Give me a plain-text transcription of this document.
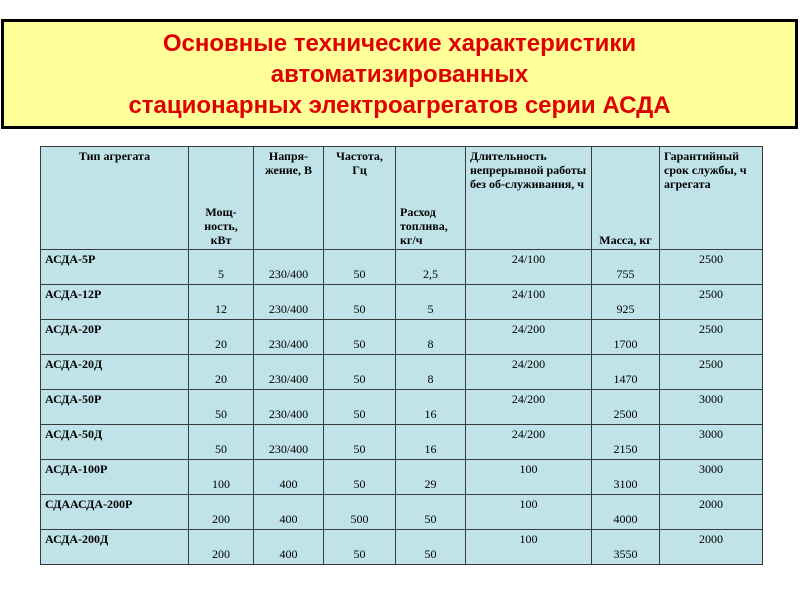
Основные технические характеристики
автоматизированных
стационарных электроагрегатов серии АСДА
Тип агрегата	Мощ-ность, кВт	Напря-жение, В	Частота, Гц	Расход топлива, кг/ч	Длительность непрерывной работы без об-служивания, ч	Масса, кг	Гарантийный срок службы, ч агрегата
АСДА-5Р	5	230/400	50	2,5	24/100	755	2500
АСДА-12Р	12	230/400	50	5	24/100	925	2500
АСДА-20Р	20	230/400	50	8	24/200	1700	2500
АСДА-20Д	20	230/400	50	8	24/200	1470	2500
АСДА-50Р	50	230/400	50	16	24/200	2500	3000
АСДА-50Д	50	230/400	50	16	24/200	2150	3000
АСДА-100Р	100	400	50	29	100	3100	3000
СДААСДА-200Р	200	400	500	50	100	4000	2000
АСДА-200Д	200	400	50	50	100	3550	2000
